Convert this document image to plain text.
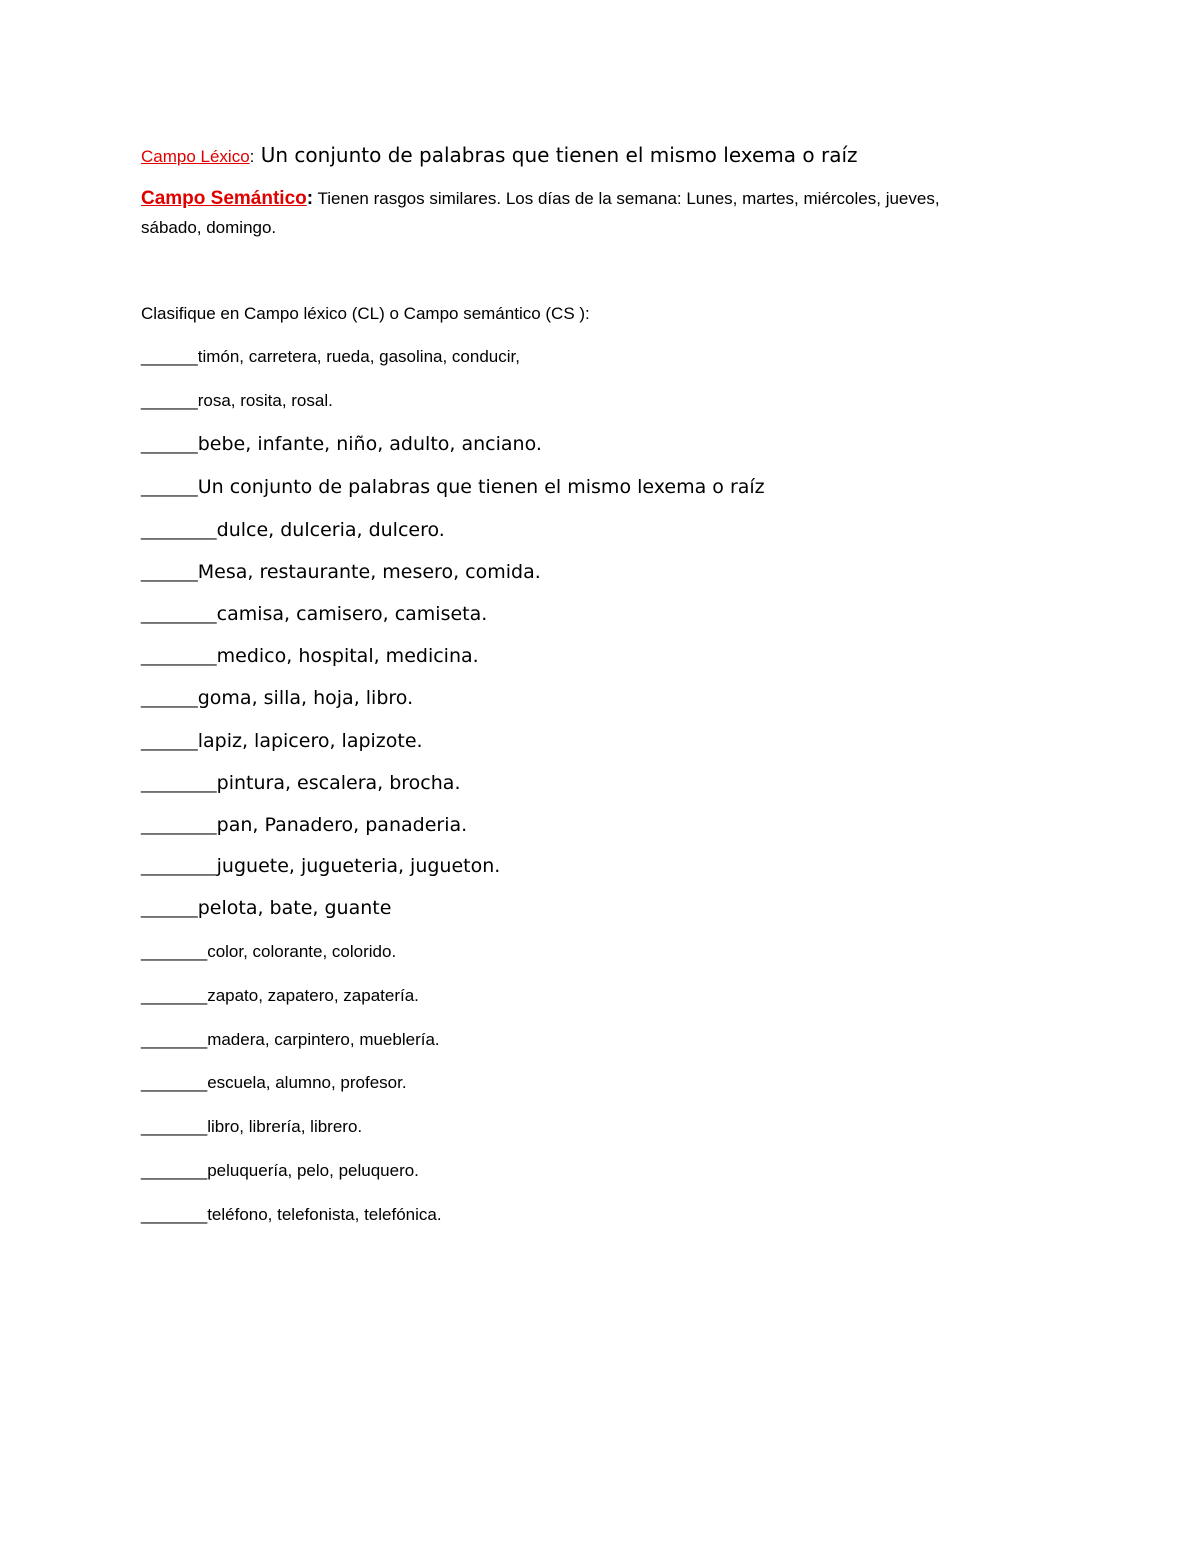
Campo Léxico: Un conjunto de palabras que tienen el mismo lexema o raíz
Campo Semántico: Tienen rasgos similares. Los días de la semana: Lunes, martes, miércoles, jueves,
sábado, domingo.
Clasifique en Campo léxico (CL) o Campo semántico (CS ):
______ timón, carretera, rueda, gasolina, conducir,
______ rosa, rosita, rosal.
______ bebe, infante, niño, adulto, anciano.
______ Un conjunto de palabras que tienen el mismo lexema o raíz
________ dulce, dulceria, dulcero.
______ Mesa, restaurante, mesero, comida.
________ camisa, camisero, camiseta.
________ medico, hospital, medicina.
______ goma, silla, hoja, libro.
______ lapiz, lapicero, lapizote.
________ pintura, escalera, brocha.
________ pan, Panadero, panaderia.
________ juguete, jugueteria, jugueton.
______ pelota, bate, guante
_______ color, colorante, colorido.
_______ zapato, zapatero, zapatería.
_______ madera, carpintero, mueblería.
_______ escuela, alumno, profesor.
_______ libro, librería, librero.
_______ peluquería, pelo, peluquero.
_______ teléfono, telefonista, telefónica.
